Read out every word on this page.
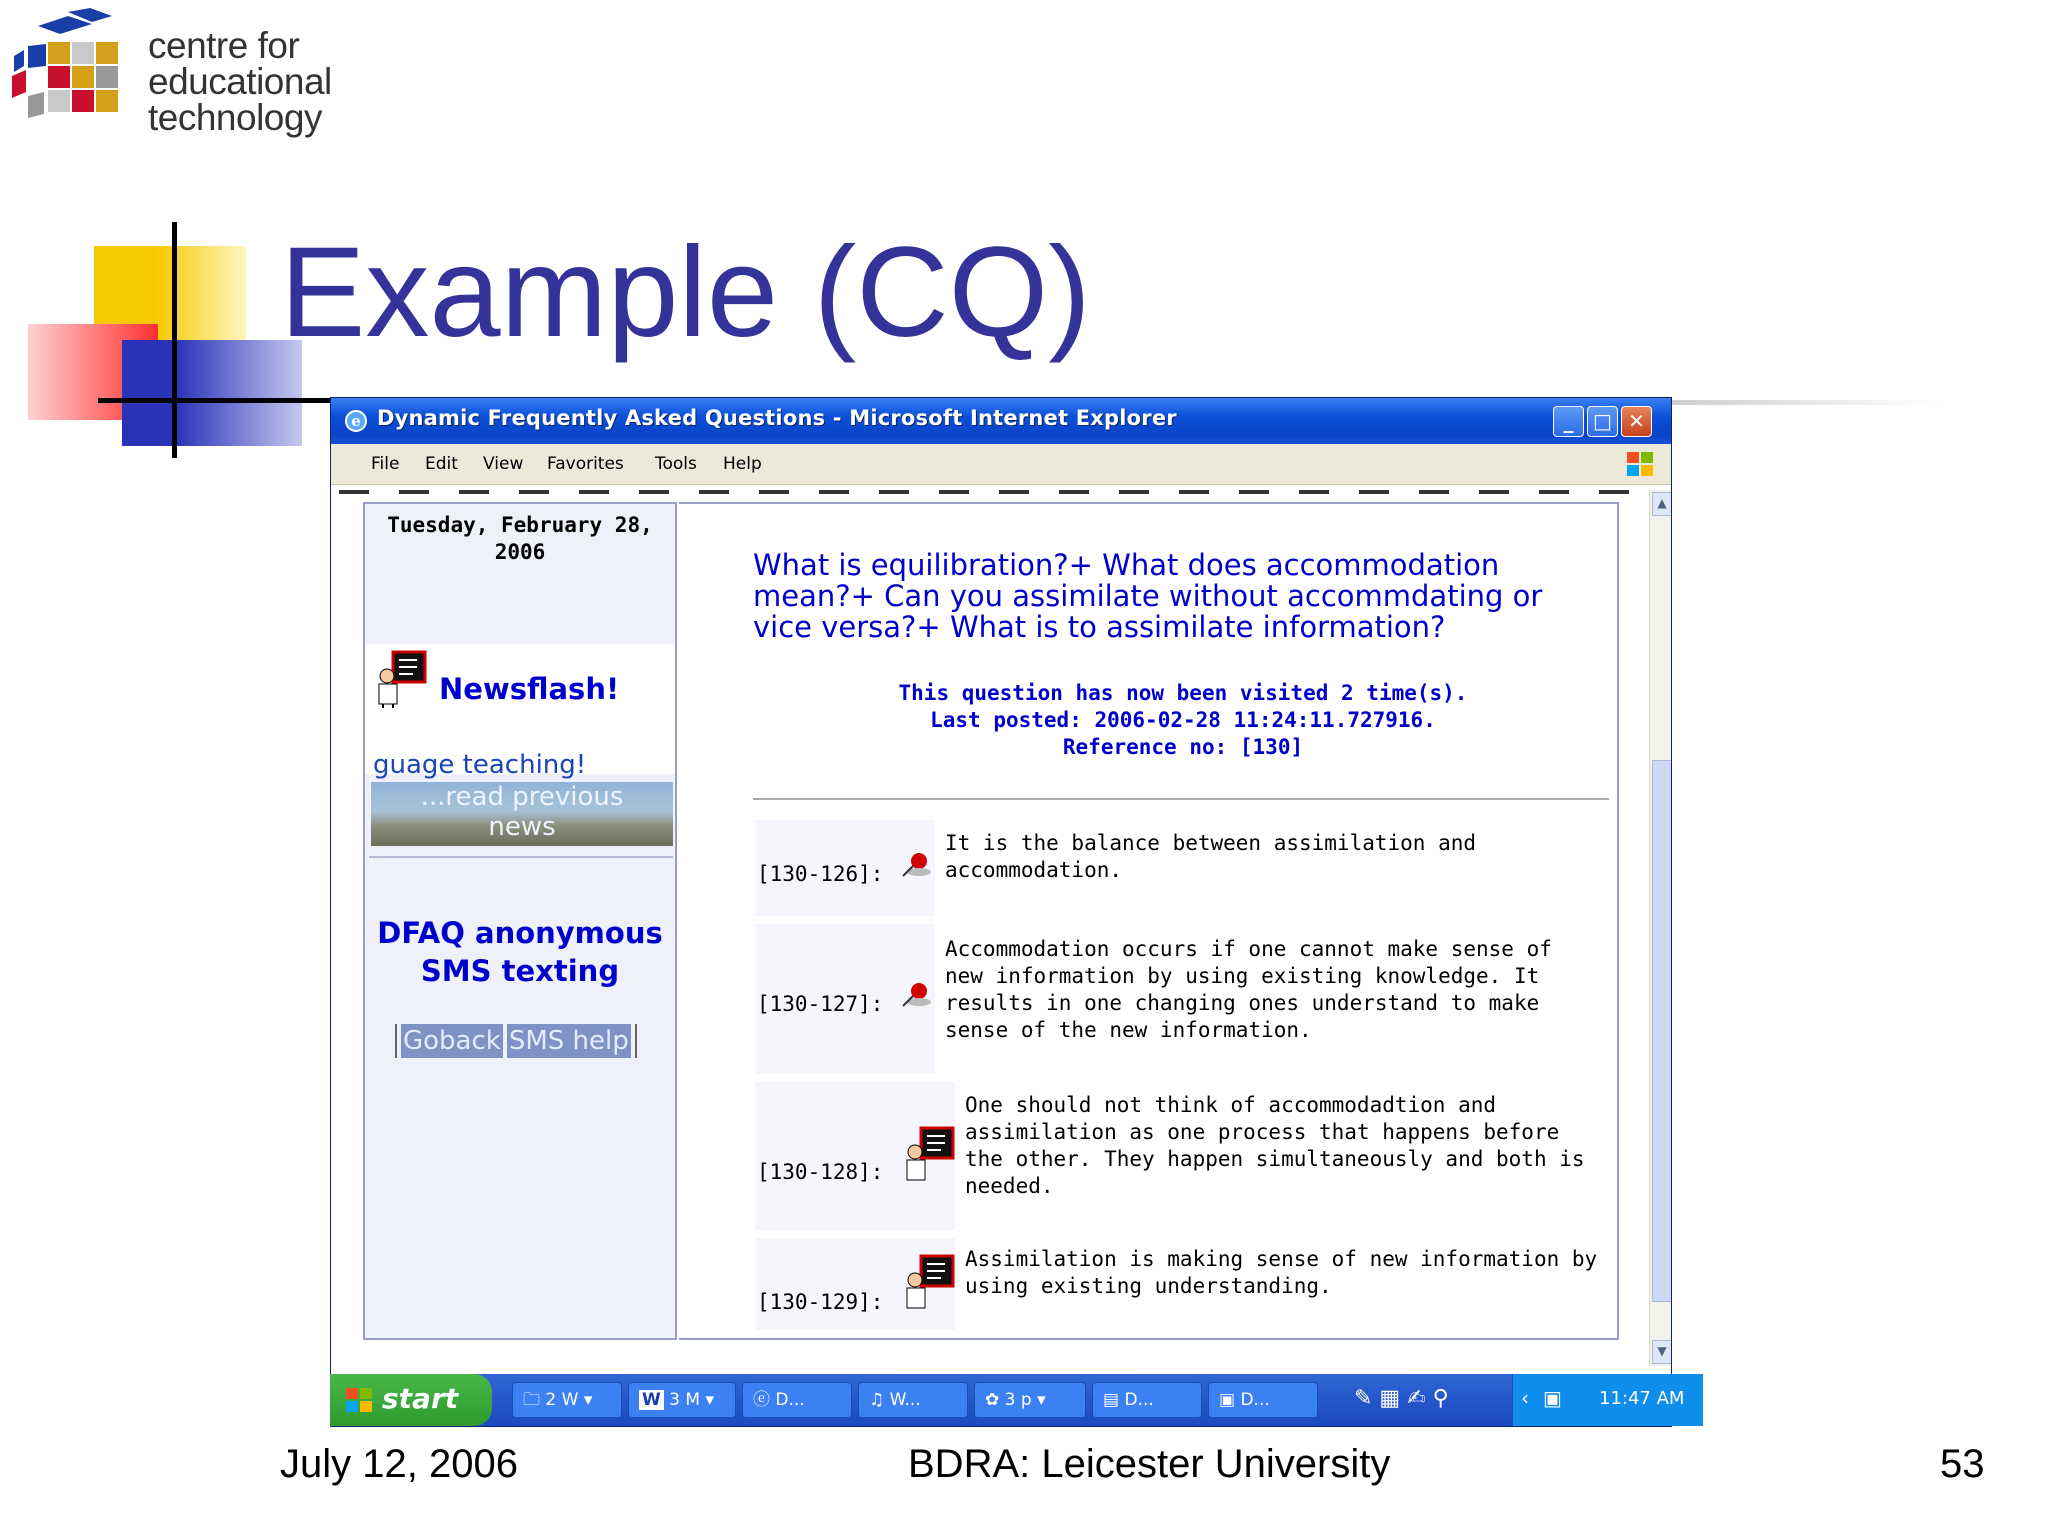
centre for
educational
technology
Example (CQ)
e Dynamic Frequently Asked Questions - Microsoft Internet Explorer	_ □ ✕
File Edit View Favorites Tools Help
Tuesday, February 28,
2006
Newsflash!
guage teaching!
...read previous
news
DFAQ anonymous
SMS texting
Goback SMS help
What is equilibration?+ What does accommodation
mean?+ Can you assimilate without accommdating or
vice versa?+ What is to assimilate information?
This question has now been visited 2 time(s).
Last posted: 2006-02-28 11:24:11.727916.
Reference no: [130]
[130-126]:
It is the balance between assimilation and
accommodation.
[130-127]:
Accommodation occurs if one cannot make sense of
new information by using existing knowledge. It
results in one changing ones understand to make
sense of the new information.
[130-128]:
One should not think of accommodadtion and
assimilation as one process that happens before
the other. They happen simultaneously and both is
needed.
[130-129]:
Assimilation is making sense of new information by
using existing understanding.
▲
▼
start	🗀 2 W ▾	W 3 M ▾	ⓔ D...	♫ W...	✿ 3 p ▾	▤ D...	▣ D...	✎ ▦ ✍ ⚲	‹ ▣ 11:47 AM
July 12, 2006	BDRA: Leicester University	53
